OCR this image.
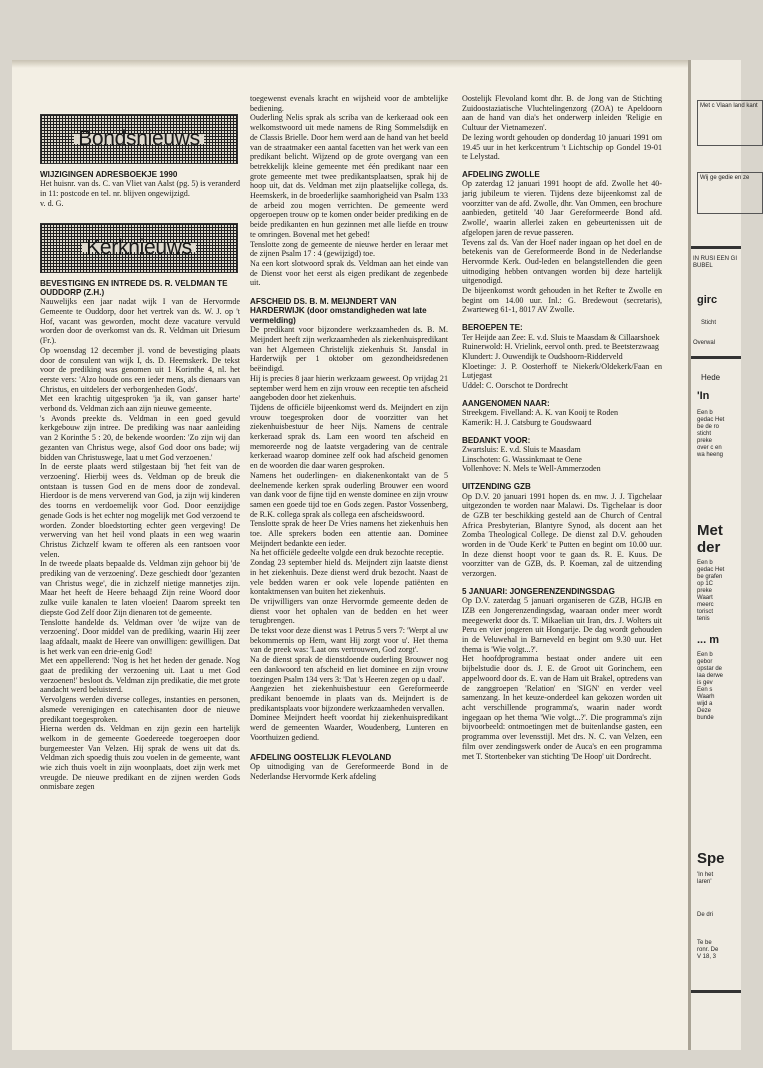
Bondsnieuws
WIJZIGINGEN ADRESBOEKJE 1990

Het huisnr. van ds. C. van Vliet van Aalst (pg. 5) is veranderd in 11: postcode en tel. nr. blijven ongewijzigd.

v. d. G.

Kerknieuws
BEVESTIGING EN INTREDE DS. R. VELDMAN TE OUDDORP (Z.H.)

Nauwelijks een jaar nadat wijk I van de Hervormde Gemeente te Ouddorp, door het vertrek van ds. W. J. op 't Hof, vacant was geworden, mocht deze vacature vervuld worden door de overkomst van ds. R. Veldman uit Driesum (Fr.).

Op woensdag 12 december jl. vond de bevestiging plaats door de consulent van wijk I, ds. D. Heemskerk. De tekst voor de prediking was genomen uit 1 Korinthe 4, nl. het eerste vers: 'Alzo houde ons een ieder mens, als dienaars van Christus, en uitdelers der verborgenheden Gods'.

Met een krachtig uitgesproken 'ja ik, van ganser harte' verbond ds. Veldman zich aan zijn nieuwe gemeente.

's Avonds preekte ds. Veldman in een goed gevuld kerkgebouw zijn intree. De prediking was naar aanleiding van 2 Korinthe 5 : 20, de bekende woorden: 'Zo zijn wij dan gezanten van Christus wege, alsof God door ons bade; wij bidden van Christuswege, laat u met God verzoenen.'

In de eerste plaats werd stilgestaan bij 'het feit van de verzoening'. Hierbij wees ds. Veldman op de breuk die ontstaan is tussen God en de mens door de zondeval. Hierdoor is de mens ververend van God, ja zijn wij kinderen des toorns en verdoemelijk voor God. Door eenzijdige genade Gods is het echter nog mogelijk met God verzoend te worden. Zonder bloedstorting echter geen vergeving! De verwerving van het heil vond plaats in een weg waarin Christus Zichzelf kwam te offeren als een rantsoen voor velen.

In de tweede plaats bepaalde ds. Veldman zijn gehoor bij 'de prediking van de verzoening'. Deze geschiedt door 'gezanten van Christus wege', die in zichzelf nietige mannetjes zijn. Maar het heeft de Heere behaagd Zijn reine Woord door zulke vuile kanalen te laten vloeien! Daarom spreekt ten diepste God Zelf door Zijn dienaren tot de gemeente.

Tenslotte handelde ds. Veldman over 'de wijze van de verzoening'. Door middel van de prediking, waarin Hij zeer laag afdaalt, maakt de Heere van onwilligen: gewilligen. Dat is het werk van een drie-enig God!

Met een appellerend: 'Nog is het het heden der genade. Nog gaat de prediking der verzoening uit. Laat u met God verzoenen!' besloot ds. Veldman zijn predikatie, die met grote aandacht werd beluisterd.

Vervolgens werden diverse colleges, instanties en personen, alsmede verenigingen en catechisanten door de nieuwe predikant toegesproken.

Hierna werden ds. Veldman en zijn gezin een hartelijk welkom in de gemeente Goedereede toegeroepen door burgemeester Van Velzen. Hij sprak de wens uit dat ds. Veldman zich spoedig thuis zou voelen in de gemeente, want wie zich thuis voelt in zijn woonplaats, doet zijn werk met vreugde. De nieuwe predikant en de zijnen werden Gods onmisbare zegen

toegewenst evenals kracht en wijsheid voor de ambtelijke bediening.

Ouderling Nelis sprak als scriba van de kerkeraad ook een welkomstwoord uit mede namens de Ring Sommelsdijk en de Classis Brielle. Door hem werd aan de hand van het beeld van de straatmaker een aantal facetten van het werk van een predikant belicht. Wijzend op de grote overgang van een betrekkelijk kleine gemeente met één predikant naar een grote gemeente met twee predikantsplaatsen, sprak hij de hoop uit, dat ds. Veldman met zijn plaatselijke collega, ds. Heemskerk, in de broederlijke saamhorigheid van Psalm 133 de arbeid zou mogen verrichten. De gemeente werd opgeroepen trouw op te komen onder beider prediking en de beide predikanten en hun gezinnen met alle liefde en trouw te omringen. Bovenal met het gebed!

Tenslotte zong de gemeente de nieuwe herder en leraar met de zijnen Psalm 17 : 4 (gewijzigd) toe.

Na een kort slotwoord sprak ds. Veldman aan het einde van de Dienst voor het eerst als eigen predikant de zegenbede uit.

AFSCHEID DS. B. M. MEIJNDERT VAN HARDERWIJK (door omstandigheden wat late vermelding)

De predikant voor bijzondere werkzaamheden ds. B. M. Meijndert heeft zijn werkzaamheden als ziekenhuispredikant van het Algemeen Christelijk ziekenhuis St. Jansdal in Harderwijk per 1 oktober om gezondheidsredenen beëindigd.

Hij is precies 8 jaar hierin werkzaam geweest. Op vrijdag 21 september werd hem en zijn vrouw een receptie ten afscheid aangeboden door het ziekenhuis.

Tijdens de officiële bijeenkomst werd ds. Meijndert en zijn vrouw toegesproken door de voorzitter van het ziekenhuisbestuur de heer Nijs. Namens de centrale kerkeraad sprak ds. Lam een woord ten afscheid en memoreerde nog de laatste vergadering van de centrale kerkeraad waarop dominee zelf ook had afscheid genomen en de woorden die daar waren gesproken.

Namens het ouderlingen- en diakenenkontakt van de 5 deelnemende kerken sprak ouderling Brouwer een woord van dank voor de fijne tijd en wenste dominee en zijn vrouw samen een goede tijd toe en Gods zegen. Pastor Vossenberg, de R.K. collega sprak als collega een afscheidswoord.

Tenslotte sprak de heer De Vries namens het ziekenhuis hen toe. Alle sprekers boden een attentie aan. Dominee Meijndert bedankte een ieder.

Na het officiële gedeelte volgde een druk bezochte receptie.

Zondag 23 september hield ds. Meijndert zijn laatste dienst in het ziekenhuis. Deze dienst werd druk bezocht. Naast de vele bedden waren er ook vele lopende patiënten en kontaktmensen van buiten het ziekenhuis.

De vrijwilligers van onze Hervormde gemeente deden de dienst voor het ophalen van de bedden en het weer terugbrengen.

De tekst voor deze dienst was 1 Petrus 5 vers 7: 'Werpt al uw bekommernis op Hem, want Hij zorgt voor u'. Het thema van de preek was: 'Laat ons vertrouwen, God zorgt'.

Na de dienst sprak de dienstdoende ouderling Brouwer nog een dankwoord ten afscheid en liet dominee en zijn vrouw toezingen Psalm 134 vers 3: 'Dat 's Heeren zegen op u daal'.

Aangezien het ziekenhuisbestuur een Gereformeerde predikant benoemde in plaats van ds. Meijndert is de predikantsplaats voor bijzondere werkzaamheden vervallen.

Dominee Meijndert heeft voordat hij ziekenhuispredikant werd de gemeenten Waarder, Woudenberg, Lunteren en Voorthuizen gediend.

AFDELING OOSTELIJK FLEVOLAND

Op uitnodiging van de Gereformeerde Bond in de Nederlandse Hervormde Kerk afdeling

Oostelijk Flevoland komt dhr. B. de Jong van de Stichting Zuidoostaziatische Vluchtelingenzorg (ZOA) te Apeldoorn aan de hand van dia's het onderwerp inleiden 'Religie en Cultuur der Vietnamezen'.

De lezing wordt gehouden op donderdag 10 januari 1991 om 19.45 uur in het kerkcentrum 't Lichtschip op Gondel 19-01 te Lelystad.

AFDELING ZWOLLE

Op zaterdag 12 januari 1991 hoopt de afd. Zwolle het 40-jarig jubileum te vieren. Tijdens deze bijeenkomst zal de voorzitter van de afd. Zwolle, dhr. Van Ommen, een brochure aanbieden, getiteld '40 Jaar Gereformeerde Bond afd. Zwolle', waarin allerlei zaken en gebeurtenissen uit de afgelopen jaren de revue passeren.

Tevens zal ds. Van der Hoef nader ingaan op het doel en de betekenis van de Gereformeerde Bond in de Nederlandse Hervormde Kerk. Oud-leden en belangstellenden die geen uitnodiging hebben ontvangen worden bij deze hartelijk uitgenodigd.

De bijeenkomst wordt gehouden in het Refter te Zwolle en begint om 14.00 uur. Inl.: G. Bredewout (secretaris), Zwarteweg 61-1, 8017 AV Zwolle.

BEROEPEN TE:

Ter Heijde aan Zee: E. v.d. Sluis te Maasdam & Cillaarshoek

Ruinerwold: H. Vrielink, eervol onth. pred. te Beetsterzwaag

Klundert: J. Ouwendijk te Oudshoorn-Ridderveld

Kloetinge: J. P. Oosterhoff te Niekerk/Oldekerk/Faan en Lutjegast

Uddel: C. Oorschot te Dordrecht

AANGENOMEN NAAR:

Streekgem. Fivelland: A. K. van Kooij te Roden

Kamerik: H. J. Catsburg te Goudswaard

BEDANKT VOOR:

Zwartsluis: E. v.d. Sluis te Maasdam

Linschoten: G. Wassinkmaat te Oene

Vollenhove: N. Mels te Well-Ammerzoden

UITZENDING GZB

Op D.V. 20 januari 1991 hopen ds. en mw. J. J. Tigchelaar uitgezonden te worden naar Malawi. Ds. Tigchelaar is door de GZB ter beschikking gesteld aan de Church of Central Africa Presbyterian, Blantyre Synod, als docent aan het Zomba Theological College. De dienst zal D.V. gehouden worden in de 'Oude Kerk' te Putten en begint om 10.00 uur. In deze dienst hoopt voor te gaan ds. R. E. Kuus. De voorzitter van de GZB, ds. P. Koeman, zal de uitzending verzorgen.

5 JANUARI: JONGERENZENDINGSDAG

Op D.V. zaterdag 5 januari organiseren de GZB, HGJB en IZB een Jongerenzendingsdag, waaraan onder meer wordt meegewerkt door ds. T. Mikaelian uit Iran, drs. J. Wolters uit Peru en vier jongeren uit Hongarije. De dag wordt gehouden in de Veluwehal in Barneveld en begint om 9.30 uur. Het thema is 'Wie volgt...?'.

Het hoofdprogramma bestaat onder andere uit een bijbelstudie door ds. J. E. de Groot uit Gorinchem, een appelwoord door ds. E. van de Ham uit Brakel, optredens van de zanggroepen 'Relation' en 'SIGN' en verder veel samenzang. In het keuze-onderdeel kan gekozen worden uit acht verschillende programma's, waarin nader wordt ingegaan op het thema 'Wie volgt...?'. Die programma's zijn bijvoorbeeld: ontmoetingen met de buitenlandse gasten, een programma over levensstijl. Met drs. N. C. van Velzen, een film over zendingswerk onder de Auca's en een programma met T. Stortenbeker van stichting 'De Hoop' uit Dordrecht.

Met c Vlaan land kant
Wij ge gedie en ze
IN RUSI EEN GI BUBEL
girc
Sticht
Overwal
Hede
'In
Een b gedac Het be de ro sticht preke over c en wa heeng
Met der
Een b gedac Het be grafen op 1C preke Waart meerc torisct tenis
... m
Een b gebor opstar de laa derwe is gev Een s Waarh wijd a Deze bunde
Spe
'In het laren'
De dri
Te be ronr. De V 18, 3
